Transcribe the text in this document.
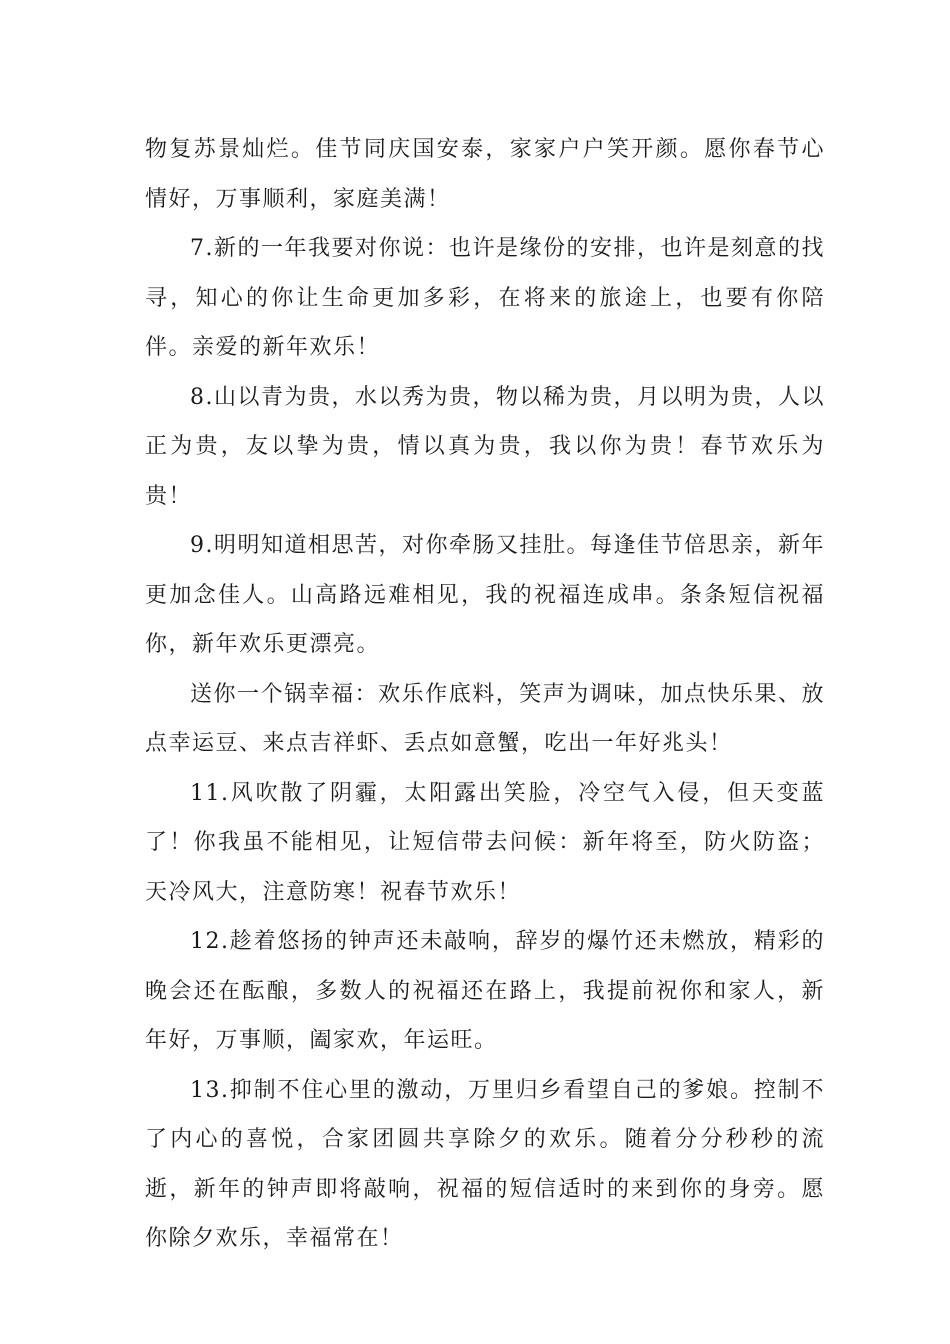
物复苏景灿烂。佳节同庆国安泰，家家户户笑开颜。愿你春节心情好，万事顺利，家庭美满！

7.新的一年我要对你说：也许是缘份的安排，也许是刻意的找寻，知心的你让生命更加多彩，在将来的旅途上，也要有你陪伴。亲爱的新年欢乐！

8.山以青为贵，水以秀为贵，物以稀为贵，月以明为贵，人以正为贵，友以挚为贵，情以真为贵，我以你为贵！春节欢乐为贵！

9.明明知道相思苦，对你牵肠又挂肚。每逢佳节倍思亲，新年更加念佳人。山高路远难相见，我的祝福连成串。条条短信祝福你，新年欢乐更漂亮。

送你一个锅幸福：欢乐作底料，笑声为调味，加点快乐果、放点幸运豆、来点吉祥虾、丢点如意蟹，吃出一年好兆头！

11.风吹散了阴霾，太阳露出笑脸，冷空气入侵，但天变蓝了！你我虽不能相见，让短信带去问候：新年将至，防火防盗；天冷风大，注意防寒！祝春节欢乐！

12.趁着悠扬的钟声还未敲响，辞岁的爆竹还未燃放，精彩的晚会还在酝酿，多数人的祝福还在路上，我提前祝你和家人，新年好，万事顺，阖家欢，年运旺。

13.抑制不住心里的激动，万里归乡看望自己的爹娘。控制不了内心的喜悦，合家团圆共享除夕的欢乐。随着分分秒秒的流逝，新年的钟声即将敲响，祝福的短信适时的来到你的身旁。愿你除夕欢乐，幸福常在！
